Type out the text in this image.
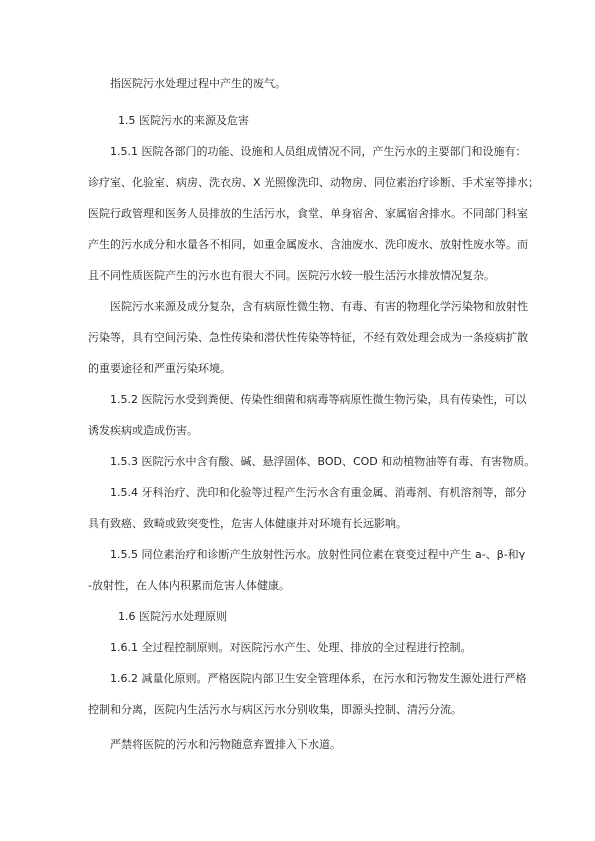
指医院污水处理过程中产生的废气。
1.5 医院污水的来源及危害
1.5.1 医院各部门的功能、设施和人员组成情况不同，产生污水的主要部门和设施有：
诊疗室、化验室、病房、洗衣房、X 光照像洗印、动物房、同位素治疗诊断、手术室等排水；
医院行政管理和医务人员排放的生活污水，食堂、单身宿舍、家属宿舍排水。不同部门科室
产生的污水成分和水量各不相同，如重金属废水、含油废水、洗印废水、放射性废水等。而
且不同性质医院产生的污水也有很大不同。医院污水较一般生活污水排放情况复杂。
医院污水来源及成分复杂，含有病原性微生物、有毒、有害的物理化学污染物和放射性
污染等，具有空间污染、急性传染和潜伏性传染等特征，不经有效处理会成为一条疫病扩散
的重要途径和严重污染环境。
1.5.2 医院污水受到粪便、传染性细菌和病毒等病原性微生物污染，具有传染性，可以
诱发疾病或造成伤害。
1.5.3 医院污水中含有酸、碱、悬浮固体、BOD、COD 和动植物油等有毒、有害物质。
1.5.4 牙科治疗、洗印和化验等过程产生污水含有重金属、消毒剂、有机溶剂等，部分
具有致癌、致畸或致突变性，危害人体健康并对环境有长远影响。
1.5.5 同位素治疗和诊断产生放射性污水。放射性同位素在衰变过程中产生 a-、β-和γ
-放射性，在人体内积累而危害人体健康。
1.6 医院污水处理原则
1.6.1 全过程控制原则。对医院污水产生、处理、排放的全过程进行控制。
1.6.2 减量化原则。严格医院内部卫生安全管理体系，在污水和污物发生源处进行严格
控制和分离，医院内生活污水与病区污水分别收集，即源头控制、清污分流。
严禁将医院的污水和污物随意弃置排入下水道。
